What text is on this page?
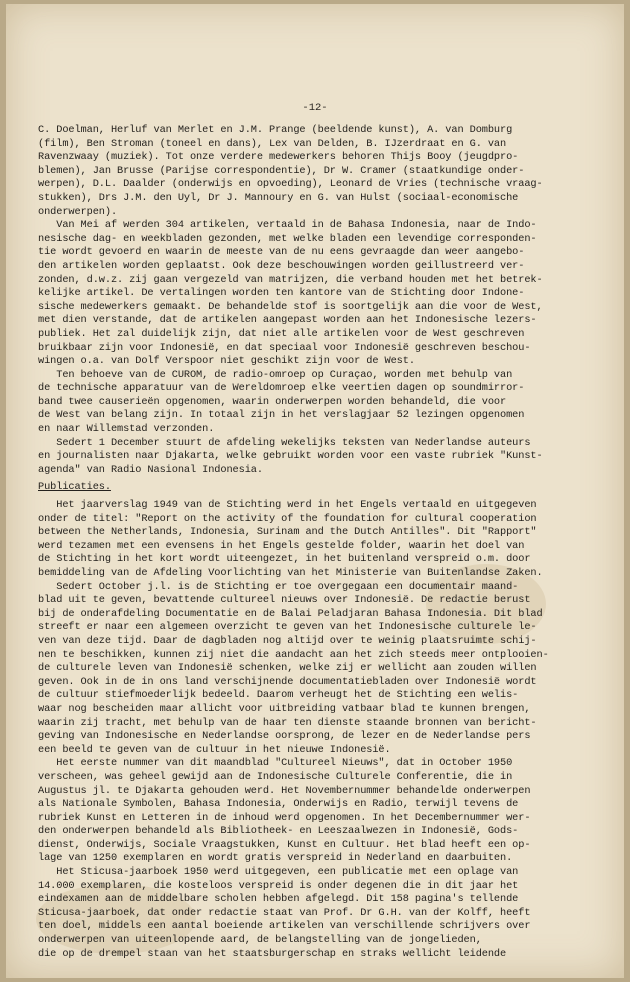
-12-
C. Doelman, Herluf van Merlet en J.M. Prange (beeldende kunst), A. van Domburg
(film), Ben Stroman (toneel en dans), Lex van Delden, B. IJzerdraat en G. van
Ravenzwaay (muziek). Tot onze verdere medewerkers behoren Thijs Booy (jeugdpro-
blemen), Jan Brusse (Parijse correspondentie), Dr W. Cramer (staatkundige onder-
werpen), D.L. Daalder (onderwijs en opvoeding), Leonard de Vries (technische vraag-
stukken), Drs J.M. den Uyl, Dr J. Mannoury en G. van Hulst (sociaal-economische
onderwerpen).
Van Mei af werden 304 artikelen, vertaald in de Bahasa Indonesia, naar de Indo-
nesische dag- en weekbladen gezonden, met welke bladen een levendige corresponden-
tie wordt gevoerd en waarin de meeste van de nu eens gevraagde dan weer aangebo-
den artikelen worden geplaatst. Ook deze beschouwingen worden geillustreerd ver-
zonden, d.w.z. zij gaan vergezeld van matrijzen, die verband houden met het betrek-
kelijke artikel. De vertalingen worden ten kantore van de Stichting door Indone-
sische medewerkers gemaakt. De behandelde stof is soortgelijk aan die voor de West,
met dien verstande, dat de artikelen aangepast worden aan het Indonesische lezers-
publiek. Het zal duidelijk zijn, dat niet alle artikelen voor de West geschreven
bruikbaar zijn voor Indonesië, en dat speciaal voor Indonesië geschreven beschou-
wingen o.a. van Dolf Verspoor niet geschikt zijn voor de West.
Ten behoeve van de CUROM, de radio-omroep op Curaçao, worden met behulp van
de technische apparatuur van de Wereldomroep elke veertien dagen op soundmirror-
band twee causerieën opgenomen, waarin onderwerpen worden behandeld, die voor
de West van belang zijn. In totaal zijn in het verslagjaar 52 lezingen opgenomen
en naar Willemstad verzonden.
Sedert 1 December stuurt de afdeling wekelijks teksten van Nederlandse auteurs
en journalisten naar Djakarta, welke gebruikt worden voor een vaste rubriek "Kunst-
agenda" van Radio Nasional Indonesia.
Publicaties.
Het jaarverslag 1949 van de Stichting werd in het Engels vertaald en uitgegeven
onder de titel: "Report on the activity of the foundation for cultural cooperation
between the Netherlands, Indonesia, Surinam and the Dutch Antilles". Dit "Rapport"
werd tezamen met een evensens in het Engels gestelde folder, waarin het doel van
de Stichting in het kort wordt uiteengezet, in het buitenland verspreid o.m. door
bemiddeling van de Afdeling Voorlichting van het Ministerie van Buitenlandse Zaken.
Sedert October j.l. is de Stichting er toe overgegaan een documentair maand-
blad uit te geven, bevattende cultureel nieuws over Indonesië. De redactie berust
bij de onderafdeling Documentatie en de Balai Peladjaran Bahasa Indonesia. Dit blad
streeft er naar een algemeen overzicht te geven van het Indonesische culturele le-
ven van deze tijd. Daar de dagbladen nog altijd over te weinig plaatsruimte schij-
nen te beschikken, kunnen zij niet die aandacht aan het zich steeds meer ontplooien-
de culturele leven van Indonesië schenken, welke zij er wellicht aan zouden willen
geven. Ook in de in ons land verschijnende documentatiebladen over Indonesië wordt
de cultuur stiefmoederlijk bedeeld. Daarom verheugt het de Stichting een welis-
waar nog bescheiden maar allicht voor uitbreiding vatbaar blad te kunnen brengen,
waarin zij tracht, met behulp van de haar ten dienste staande bronnen van bericht-
geving van Indonesische en Nederlandse oorsprong, de lezer en de Nederlandse pers
een beeld te geven van de cultuur in het nieuwe Indonesië.
Het eerste nummer van dit maandblad "Cultureel Nieuws", dat in October 1950
verscheen, was geheel gewijd aan de Indonesische Culturele Conferentie, die in
Augustus jl. te Djakarta gehouden werd. Het Novembernummer behandelde onderwerpen
als Nationale Symbolen, Bahasa Indonesia, Onderwijs en Radio, terwijl tevens de
rubriek Kunst en Letteren in de inhoud werd opgenomen. In het Decembernummer wer-
den onderwerpen behandeld als Bibliotheek- en Leeszaalwezen in Indonesië, Gods-
dienst, Onderwijs, Sociale Vraagstukken, Kunst en Cultuur. Het blad heeft een op-
lage van 1250 exemplaren en wordt gratis verspreid in Nederland en daarbuiten.
Het Sticusa-jaarboek 1950 werd uitgegeven, een publicatie met een oplage van
14.000 exemplaren, die kosteloos verspreid is onder degenen die in dit jaar het
eindexamen aan de middelbare scholen hebben afgelegd. Dit 158 pagina's tellende
Sticusa-jaarboek, dat onder redactie staat van Prof. Dr G.H. van der Kolff, heeft
ten doel, middels een aantal boeiende artikelen van verschillende schrijvers over
onderwerpen van uiteenlopende aard, de belangstelling van de jongelieden,
die op de drempel staan van het staatsburgerschap en straks wellicht leidende
